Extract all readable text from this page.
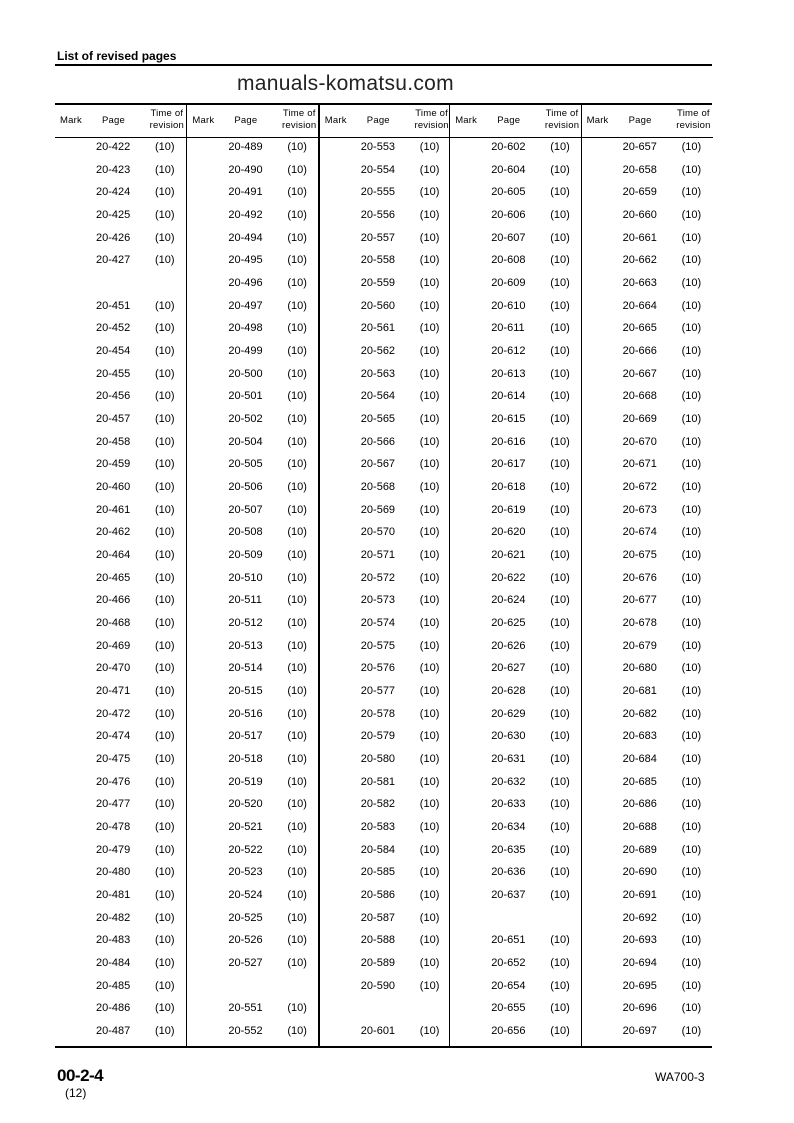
List of revised pages
manuals-komatsu.com
Mark Page
Time of
revision
20-422 (10)
20-423 (10)
20-424 (10)
20-425 (10)
20-426 (10)
20-427 (10)
20-451 (10)
20-452 (10)
20-454 (10)
20-455 (10)
20-456 (10)
20-457 (10)
20-458 (10)
20-459 (10)
20-460 (10)
20-461 (10)
20-462 (10)
20-464 (10)
20-465 (10)
20-466 (10)
20-468 (10)
20-469 (10)
20-470 (10)
20-471 (10)
20-472 (10)
20-474 (10)
20-475 (10)
20-476 (10)
20-477 (10)
20-478 (10)
20-479 (10)
20-480 (10)
20-481 (10)
20-482 (10)
20-483 (10)
20-484 (10)
20-485 (10)
20-486 (10)
20-487 (10)
Mark Page
Time of
revision
20-489 (10)
20-490 (10)
20-491 (10)
20-492 (10)
20-494 (10)
20-495 (10)
20-496 (10)
20-497 (10)
20-498 (10)
20-499 (10)
20-500 (10)
20-501 (10)
20-502 (10)
20-504 (10)
20-505 (10)
20-506 (10)
20-507 (10)
20-508 (10)
20-509 (10)
20-510 (10)
20-511 (10)
20-512 (10)
20-513 (10)
20-514 (10)
20-515 (10)
20-516 (10)
20-517 (10)
20-518 (10)
20-519 (10)
20-520 (10)
20-521 (10)
20-522 (10)
20-523 (10)
20-524 (10)
20-525 (10)
20-526 (10)
20-527 (10)
20-551 (10)
20-552 (10)
Mark Page
Time of
revision
20-553 (10)
20-554 (10)
20-555 (10)
20-556 (10)
20-557 (10)
20-558 (10)
20-559 (10)
20-560 (10)
20-561 (10)
20-562 (10)
20-563 (10)
20-564 (10)
20-565 (10)
20-566 (10)
20-567 (10)
20-568 (10)
20-569 (10)
20-570 (10)
20-571 (10)
20-572 (10)
20-573 (10)
20-574 (10)
20-575 (10)
20-576 (10)
20-577 (10)
20-578 (10)
20-579 (10)
20-580 (10)
20-581 (10)
20-582 (10)
20-583 (10)
20-584 (10)
20-585 (10)
20-586 (10)
20-587 (10)
20-588 (10)
20-589 (10)
20-590 (10)
20-601 (10)
Mark Page
Time of
revision
20-602 (10)
20-604 (10)
20-605 (10)
20-606 (10)
20-607 (10)
20-608 (10)
20-609 (10)
20-610 (10)
20-611 (10)
20-612 (10)
20-613 (10)
20-614 (10)
20-615 (10)
20-616 (10)
20-617 (10)
20-618 (10)
20-619 (10)
20-620 (10)
20-621 (10)
20-622 (10)
20-624 (10)
20-625 (10)
20-626 (10)
20-627 (10)
20-628 (10)
20-629 (10)
20-630 (10)
20-631 (10)
20-632 (10)
20-633 (10)
20-634 (10)
20-635 (10)
20-636 (10)
20-637 (10)
20-651 (10)
20-652 (10)
20-654 (10)
20-655 (10)
20-656 (10)
Mark Page
Time of
revision
20-657 (10)
20-658 (10)
20-659 (10)
20-660 (10)
20-661 (10)
20-662 (10)
20-663 (10)
20-664 (10)
20-665 (10)
20-666 (10)
20-667 (10)
20-668 (10)
20-669 (10)
20-670 (10)
20-671 (10)
20-672 (10)
20-673 (10)
20-674 (10)
20-675 (10)
20-676 (10)
20-677 (10)
20-678 (10)
20-679 (10)
20-680 (10)
20-681 (10)
20-682 (10)
20-683 (10)
20-684 (10)
20-685 (10)
20-686 (10)
20-688 (10)
20-689 (10)
20-690 (10)
20-691 (10)
20-692 (10)
20-693 (10)
20-694 (10)
20-695 (10)
20-696 (10)
20-697 (10)
00-2-4
(12)
WA700-3
